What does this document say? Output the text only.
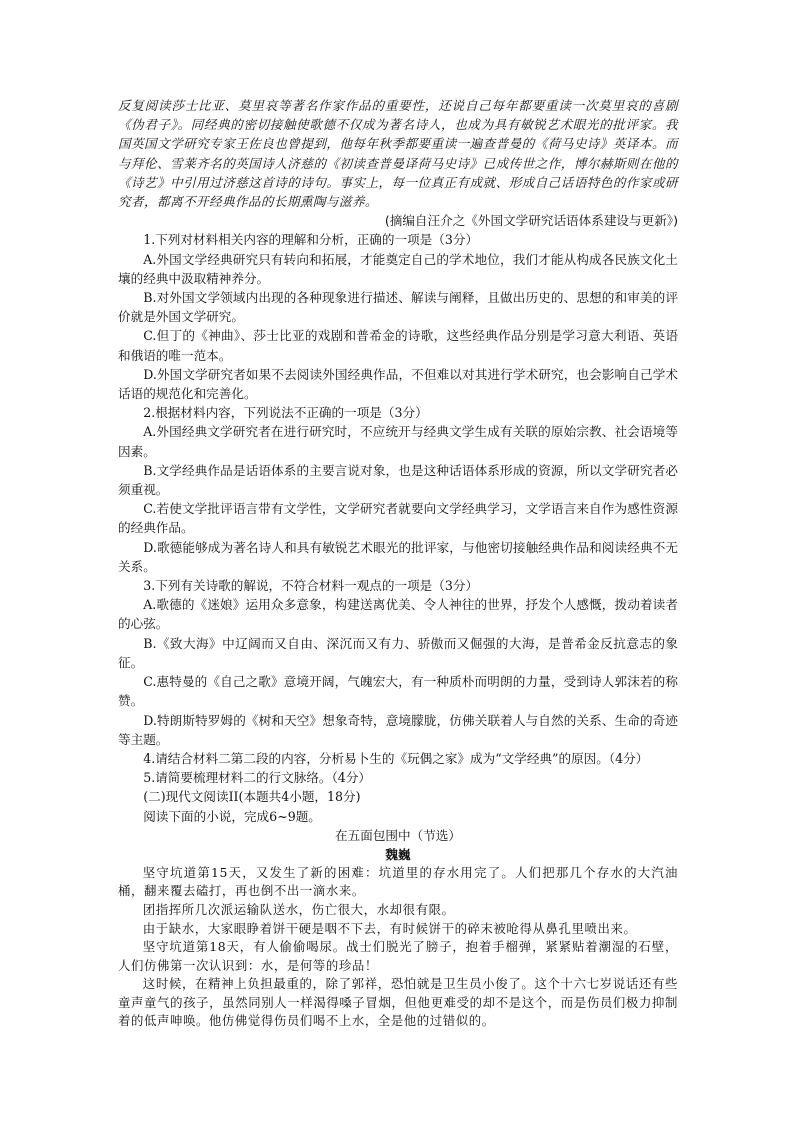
反复阅读莎士比亚、莫里哀等著名作家作品的重要性，还说自己每年都要重读一次莫里哀的喜剧《伪君子》。同经典的密切接触使歌德不仅成为著名诗人，也成为具有敏锐艺术眼光的批评家。我国英国文学研究专家王佐良也曾提到，他每年秋季都要重读一遍查普曼的《荷马史诗》英译本。而与拜伦、雪莱齐名的英国诗人济慈的《初读查普曼译荷马史诗》已成传世之作，博尔赫斯则在他的《诗艺》中引用过济慈这首诗的诗句。事实上，每一位真正有成就、形成自己话语特色的作家或研究者，都离不开经典作品的长期熏陶与滋养。

(摘编自汪介之《外国文学研究话语体系建设与更新》)

1.下列对材料相关内容的理解和分析，正确的一项是（3分）

A.外国文学经典研究只有转向和拓展，才能奠定自己的学术地位，我们才能从构成各民族文化土壤的经典中汲取精神养分。

B.对外国文学领域内出现的各种现象进行描述、解读与阐释，且做出历史的、思想的和审美的评价就是外国文学研究。

C.但丁的《神曲》、莎士比亚的戏剧和普希金的诗歌，这些经典作品分别是学习意大利语、英语和俄语的唯一范本。

D.外国文学研究者如果不去阅读外国经典作品，不但难以对其进行学术研究，也会影响自己学术话语的规范化和完善化。

2.根据材料内容，下列说法不正确的一项是（3分）

A.外国经典文学研究者在进行研究时，不应统开与经典文学生成有关联的原始宗教、社会语境等因素。

B.文学经典作品是话语体系的主要言说对象，也是这种话语体系形成的资源，所以文学研究者必须重视。

C.若使文学批评语言带有文学性，文学研究者就要向文学经典学习，文学语言来自作为感性资源的经典作品。

D.歌德能够成为著名诗人和具有敏锐艺术眼光的批评家，与他密切接触经典作品和阅读经典不无关系。

3.下列有关诗歌的解说，不符合材料一观点的一项是（3分）

A.歌德的《迷娘》运用众多意象，构建送离优美、令人神往的世界，抒发个人感慨，拨动着读者的心弦。

B.《致大海》中辽阔而又自由、深沉而又有力、骄傲而又倔强的大海，是普希金反抗意志的象征。

C.惠特曼的《自己之歌》意境开阔，气魄宏大，有一种质朴而明朗的力量，受到诗人郭沫若的称赞。

D.特朗斯特罗姆的《树和天空》想象奇特，意境朦胧，仿佛关联着人与自然的关系、生命的奇迹等主题。

4.请结合材料二第二段的内容，分析易卜生的《玩偶之家》成为“文学经典”的原因。（4分）

5.请简要梳理材料二的行文脉络。（4分）

(二)现代文阅读II(本题共4小题，18分)

阅读下面的小说，完成6~9题。

在五面包围中（节选）

魏巍

坚守坑道第15天，又发生了新的困难：坑道里的存水用完了。人们把那几个存水的大汽油桶，翻来覆去磕打，再也倒不出一滴水来。

团指挥所几次派运输队送水，伤亡很大，水却很有限。

由于缺水，大家眼睁着饼干硬是咽不下去，有时候饼干的碎末被呛得从鼻孔里喷出来。

坚守坑道第18天，有人偷偷喝尿。战士们脱光了膀子，抱着手榴弹，紧紧贴着潮湿的石壁，人们仿佛第一次认识到：水，是何等的珍品！

这时候，在精神上负担最重的，除了郭祥，恐怕就是卫生员小俊了。这个十六七岁说话还有些童声童气的孩子，虽然同别人一样渴得嗓子冒烟，但他更难受的却不是这个，而是伤员们极力抑制着的低声呻唤。他仿佛觉得伤员们喝不上水，全是他的过错似的。
